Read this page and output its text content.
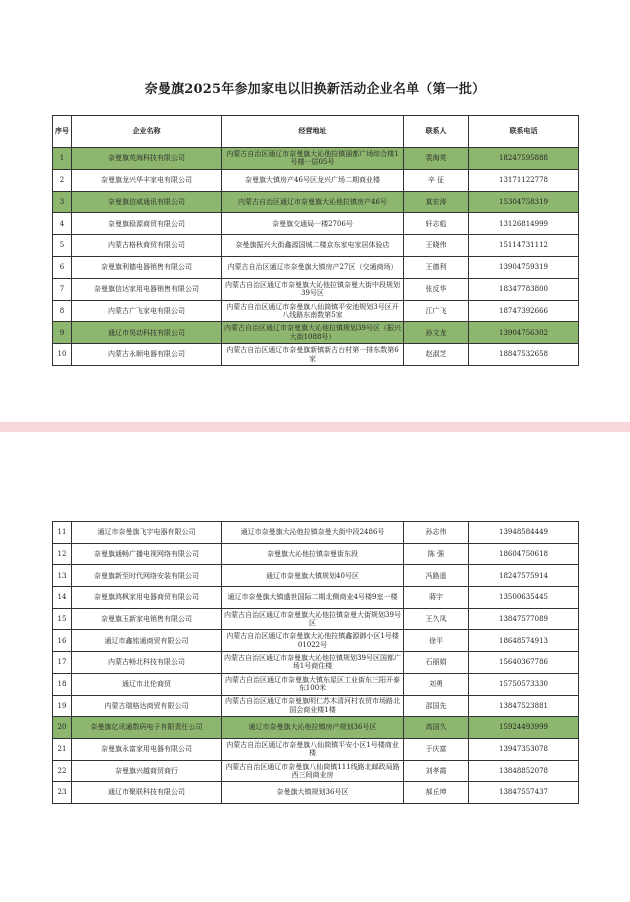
奈曼旗2025年参加家电以旧换新活动企业名单（第一批）
序号	企业名称	经营地址	联系人	联系电话
1	奈曼旗英海科技有限公司	内蒙古自治区通辽市奈曼旗大沁他拉镇丽都广场综合楼1号楼一层05号	裴海英	18247595888
2	奈曼旗龙兴华丰家电有限公司	奈曼旗大镇房产46号区龙兴广场二期商业楼	辛 征	13171122778
3	奈曼旗信威通讯有限公司	内蒙古自治区通辽市奈曼旗大沁他拉镇房产46号	莫宏涛	15304758319
4	奈曼旗稳源商贸有限公司	奈曼旗交通局一楼2706号	轩志彪	13126814999
5	内蒙古格秋商贸有限公司	奈曼旗振兴大街鑫源国城二楼京东家电家居体验店	王晓伟	15114731112
6	奈曼旗利德电器销售有限公司	内蒙古自治区通辽市奈曼旗大镇房产27区（交通商场）	王德利	13904759319
7	奈曼旗信达家用电器销售有限公司	内蒙古自治区通辽市奈曼旗大沁他拉镇奈曼大街中段规划39号区	张反华	18347783800
8	内蒙古广飞家电有限公司	内蒙古自治区通辽市奈曼旗八仙筒镇平安池规划3号区开八线路东南数第5家	江广飞	18747392666
9	通辽市昊动科技有限公司	内蒙古自治区通辽市奈曼旗大沁他拉镇规划39号区（振兴大街1088号）	孙文龙	13904756302
10	内蒙古永顺电器有限公司	内蒙古自治区通辽市奈曼旗新镇新古台村第一排东数第6家	赵淑芝	18847532658
11	通辽市奈曼旗飞宇电器有限公司	通辽市奈曼旗大沁他拉镇奈曼大街中段2486号	孙志伟	13948584449
12	奈曼旗通畅广播电视网络有限公司	奈曼旗大沁他拉镇奈曼街东段	陈 强	18604750618
13	奈曼旗新至时代网络安装有限公司	通辽市奈曼旗大镇规划40号区	冯路遥	18247575914
14	奈曼旗鸿枫家用电器商贸有限公司	通辽市奈曼旗大镇盛世国际二期北侧商业4号楼9室一楼	蔣宇	13500635445
15	奈曼旗玉新家电销售有限公司	内蒙古自治区通辽市奈曼旗大沁他拉镇奈曼大街规划39号区	王久凤	13847577089
16	通辽市鑫铭通商贸有限公司	内蒙古自治区通辽市奈曼旗大沁他拉镇鑫源御小区1号楼01022号	徐平	18648574913
17	内蒙古畅北科技有限公司	内蒙古自治区通辽市奈曼旗大沁他拉镇规划39号区国都广场1号商住楼	石丽娟	15640367786
18	通辽市北伦商贸	内蒙古自治区通辽市奈曼旗大镇东星区工业街东三阳开泰东100米	刘勇	15750573330
19	内蒙古瑞格达商贸有限公司	内蒙古自治区通辽市奈曼旗明仁苏木清河村农贸市场路北国会商业楼1楼	邵国先	13847523881
20	奈曼旗亿讯通数码电子有限责任公司	通辽市奈曼旗大沁他拉镇房产规划36号区	高国久	15924493999
21	奈曼旗永富家用电器有限公司	内蒙古自治区通辽市奈曼旗八仙筒镇平安小区1号楼商业楼	于庆富	13947353078
22	奈曼旗兴越商贸商行	内蒙古自治区通辽市奈曼旗八仙筒镇111线路北邮政局路西三间商业房	刘孝霞	13848852078
23	通辽市聚联科技有限公司	奈曼旗大镇规划36号区	郝丘坤	13847557437
